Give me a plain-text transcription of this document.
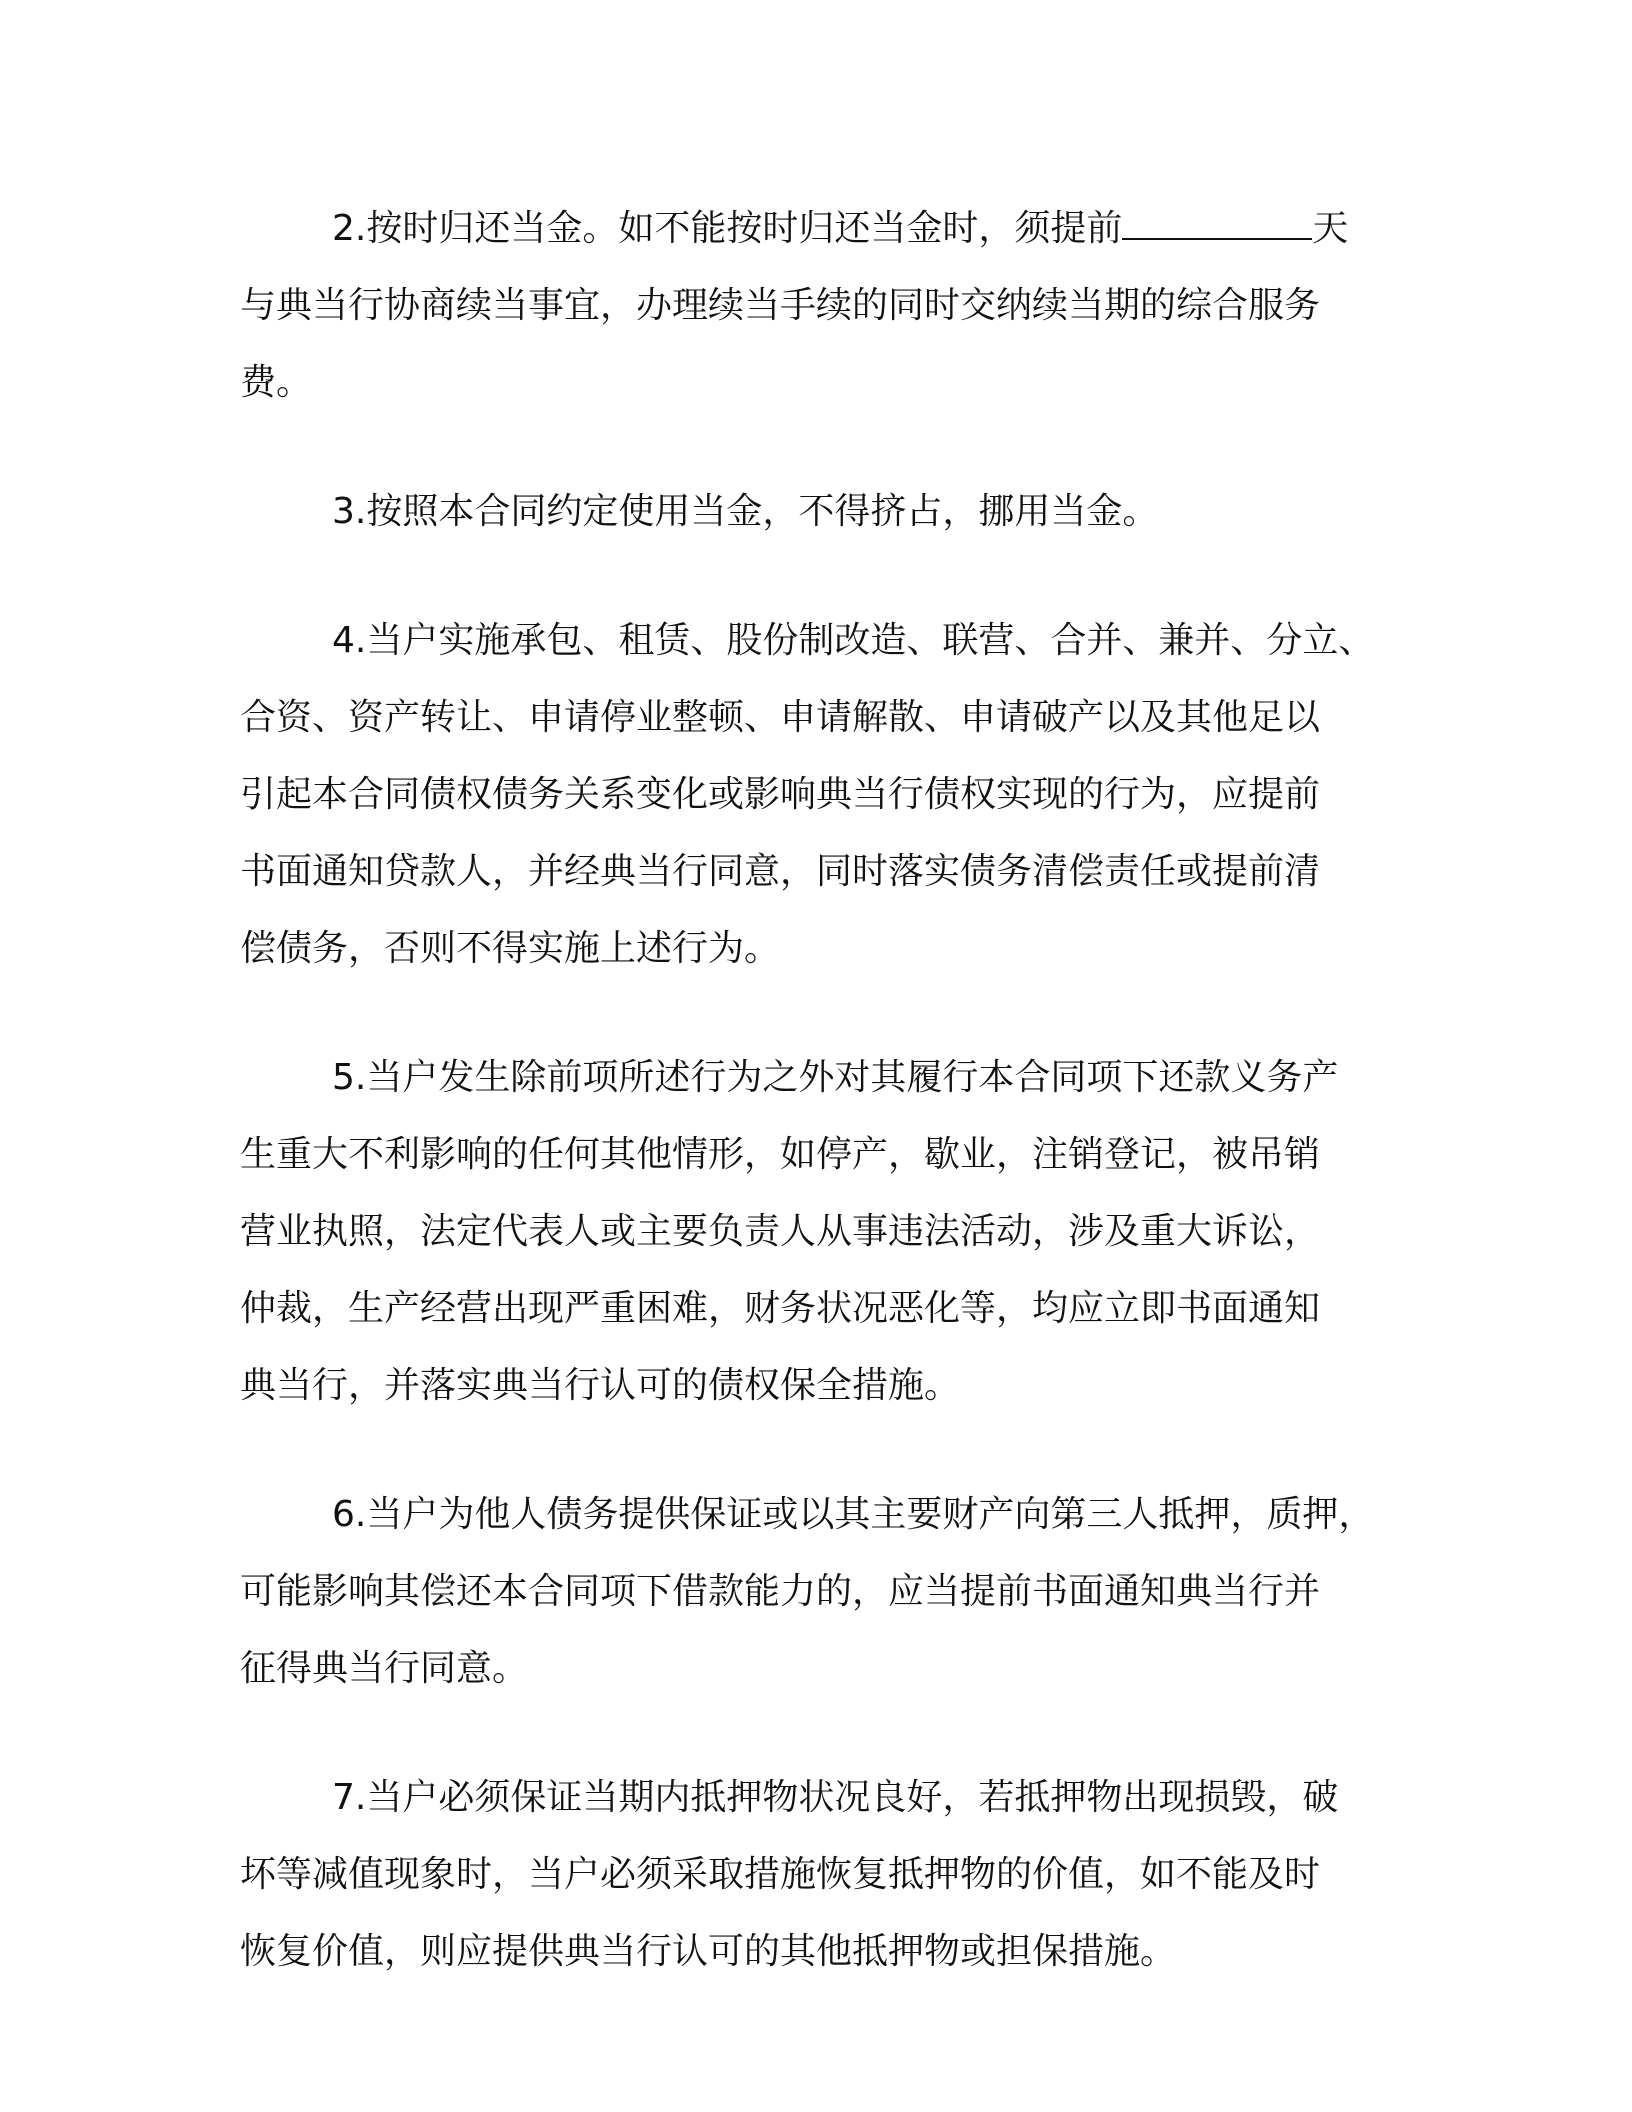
2.按时归还当金。如不能按时归还当金时，须提前	天
与典当行协商续当事宜，办理续当手续的同时交纳续当期的综合服务
费。

3.按照本合同约定使用当金，不得挤占，挪用当金。

4.当户实施承包、租赁、股份制改造、联营、合并、兼并、分立、
合资、资产转让、申请停业整顿、申请解散、申请破产以及其他足以
引起本合同债权债务关系变化或影响典当行债权实现的行为，应提前
书面通知贷款人，并经典当行同意，同时落实债务清偿责任或提前清
偿债务，否则不得实施上述行为。

5.当户发生除前项所述行为之外对其履行本合同项下还款义务产
生重大不利影响的任何其他情形，如停产，歇业，注销登记，被吊销
营业执照，法定代表人或主要负责人从事违法活动，涉及重大诉讼，
仲裁，生产经营出现严重困难，财务状况恶化等，均应立即书面通知
典当行，并落实典当行认可的债权保全措施。

6.当户为他人债务提供保证或以其主要财产向第三人抵押，质押，
可能影响其偿还本合同项下借款能力的，应当提前书面通知典当行并
征得典当行同意。

7.当户必须保证当期内抵押物状况良好，若抵押物出现损毁，破
坏等减值现象时，当户必须采取措施恢复抵押物的价值，如不能及时
恢复价值，则应提供典当行认可的其他抵押物或担保措施。
